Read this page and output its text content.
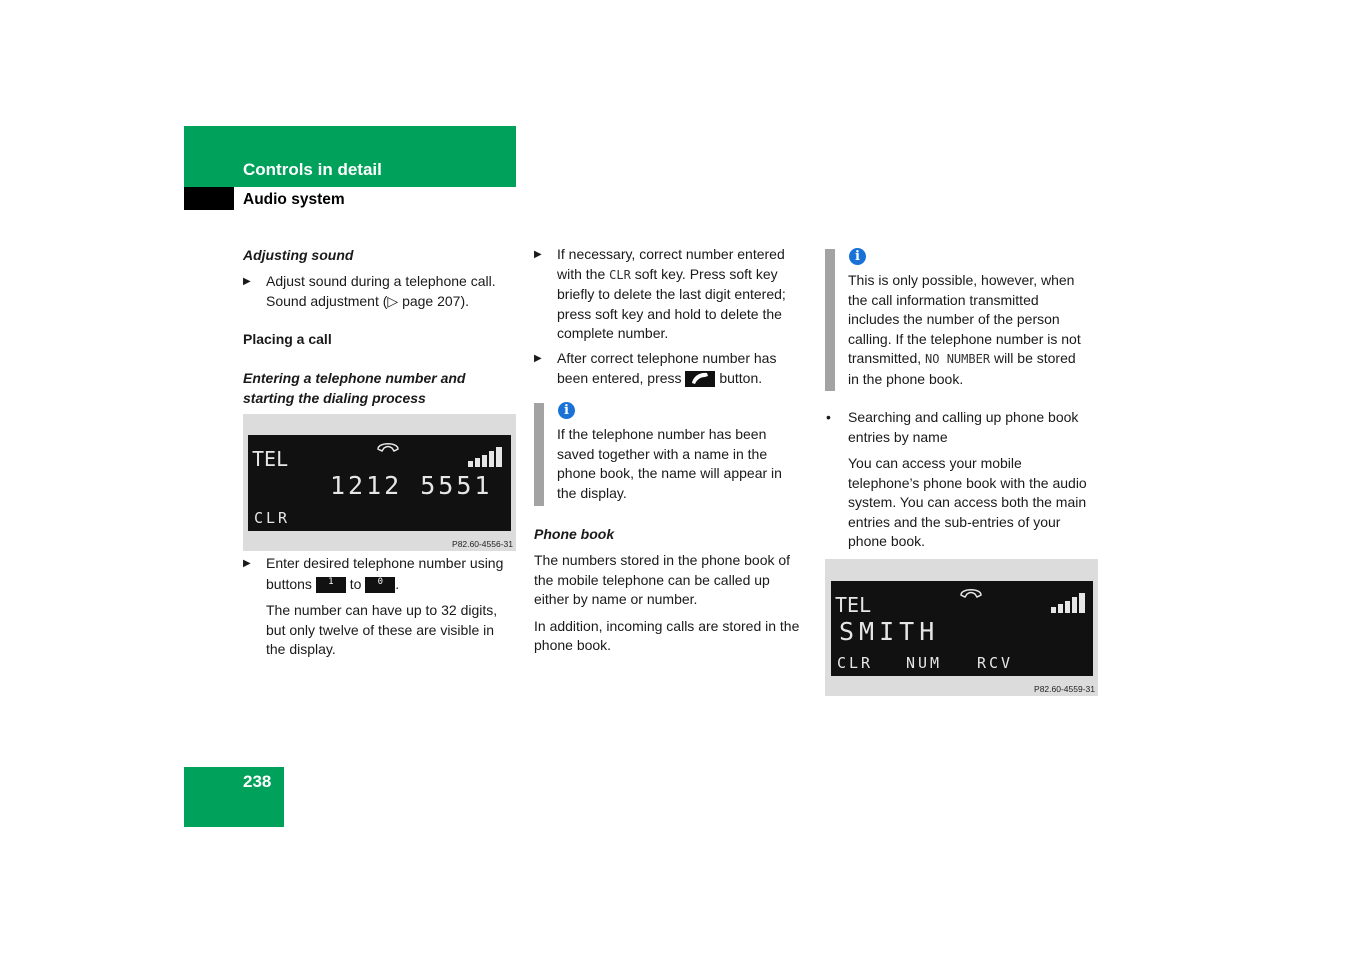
Controls in detail
Audio system
Adjusting sound
▶ Adjust sound during a telephone call.
Sound adjustment (▷ page 207).
Placing a call
Entering a telephone number and
starting the dialing process
TEL
1212 5551
CLR
P82.60-4556-31
▶ Enter desired telephone number using
buttons 1 to 0 .
The number can have up to 32 digits,
but only twelve of these are visible in
the display.
▶ If necessary, correct number entered
with the CLR soft key. Press soft key
briefly to delete the last digit entered;
press soft key and hold to delete the
complete number.
▶ After correct telephone number has
been entered, press	button.
i
If the telephone number has been
saved together with a name in the
phone book, the name will appear in
the display.
Phone book
The numbers stored in the phone book of
the mobile telephone can be called up
either by name or number.
In addition, incoming calls are stored in the
phone book.
i
This is only possible, however, when
the call information transmitted
includes the number of the person
calling. If the telephone number is not
transmitted, NO NUMBER will be stored
in the phone book.
• Searching and calling up phone book
entries by name
You can access your mobile
telephone’s phone book with the audio
system. You can access both the main
entries and the sub-entries of your
phone book.
TEL
SMITH
CLR NUM RCV
P82.60-4559-31
238
